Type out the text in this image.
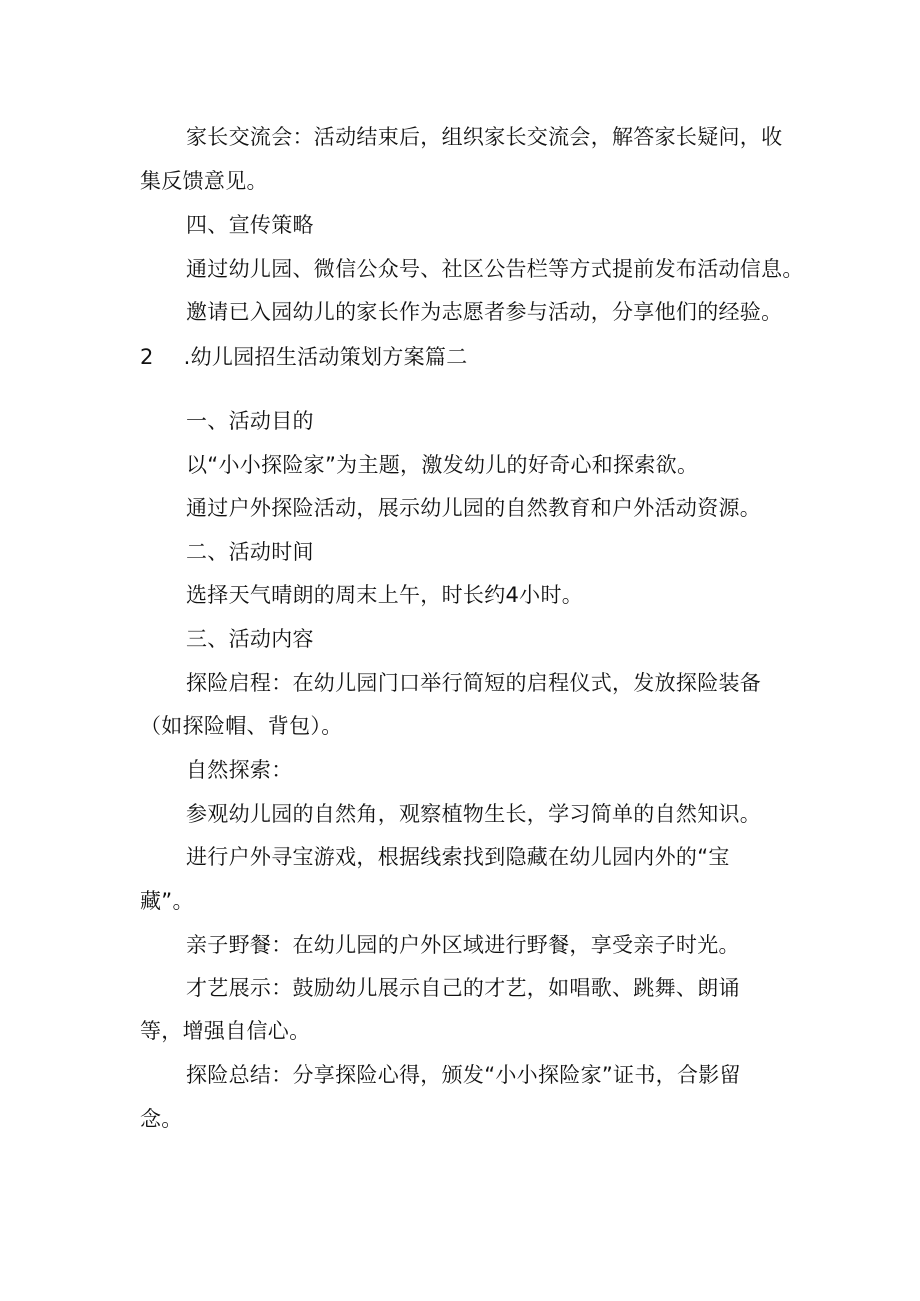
家长交流会：活动结束后，组织家长交流会，解答家长疑问，收
集反馈意见。
四、宣传策略
通过幼儿园、微信公众号、社区公告栏等方式提前发布活动信息。
邀请已入园幼儿的家长作为志愿者参与活动，分享他们的经验。
2 .幼儿园招生活动策划方案篇二
一、活动目的
以“小小探险家”为主题，激发幼儿的好奇心和探索欲。
通过户外探险活动，展示幼儿园的自然教育和户外活动资源。
二、活动时间
选择天气晴朗的周末上午，时长约4小时。
三、活动内容
探险启程：在幼儿园门口举行简短的启程仪式，发放探险装备
（如探险帽、背包）。
自然探索：
参观幼儿园的自然角，观察植物生长，学习简单的自然知识。
进行户外寻宝游戏，根据线索找到隐藏在幼儿园内外的“宝
藏”。
亲子野餐：在幼儿园的户外区域进行野餐，享受亲子时光。
才艺展示：鼓励幼儿展示自己的才艺，如唱歌、跳舞、朗诵
等，增强自信心。
探险总结：分享探险心得，颁发“小小探险家”证书，合影留
念。
